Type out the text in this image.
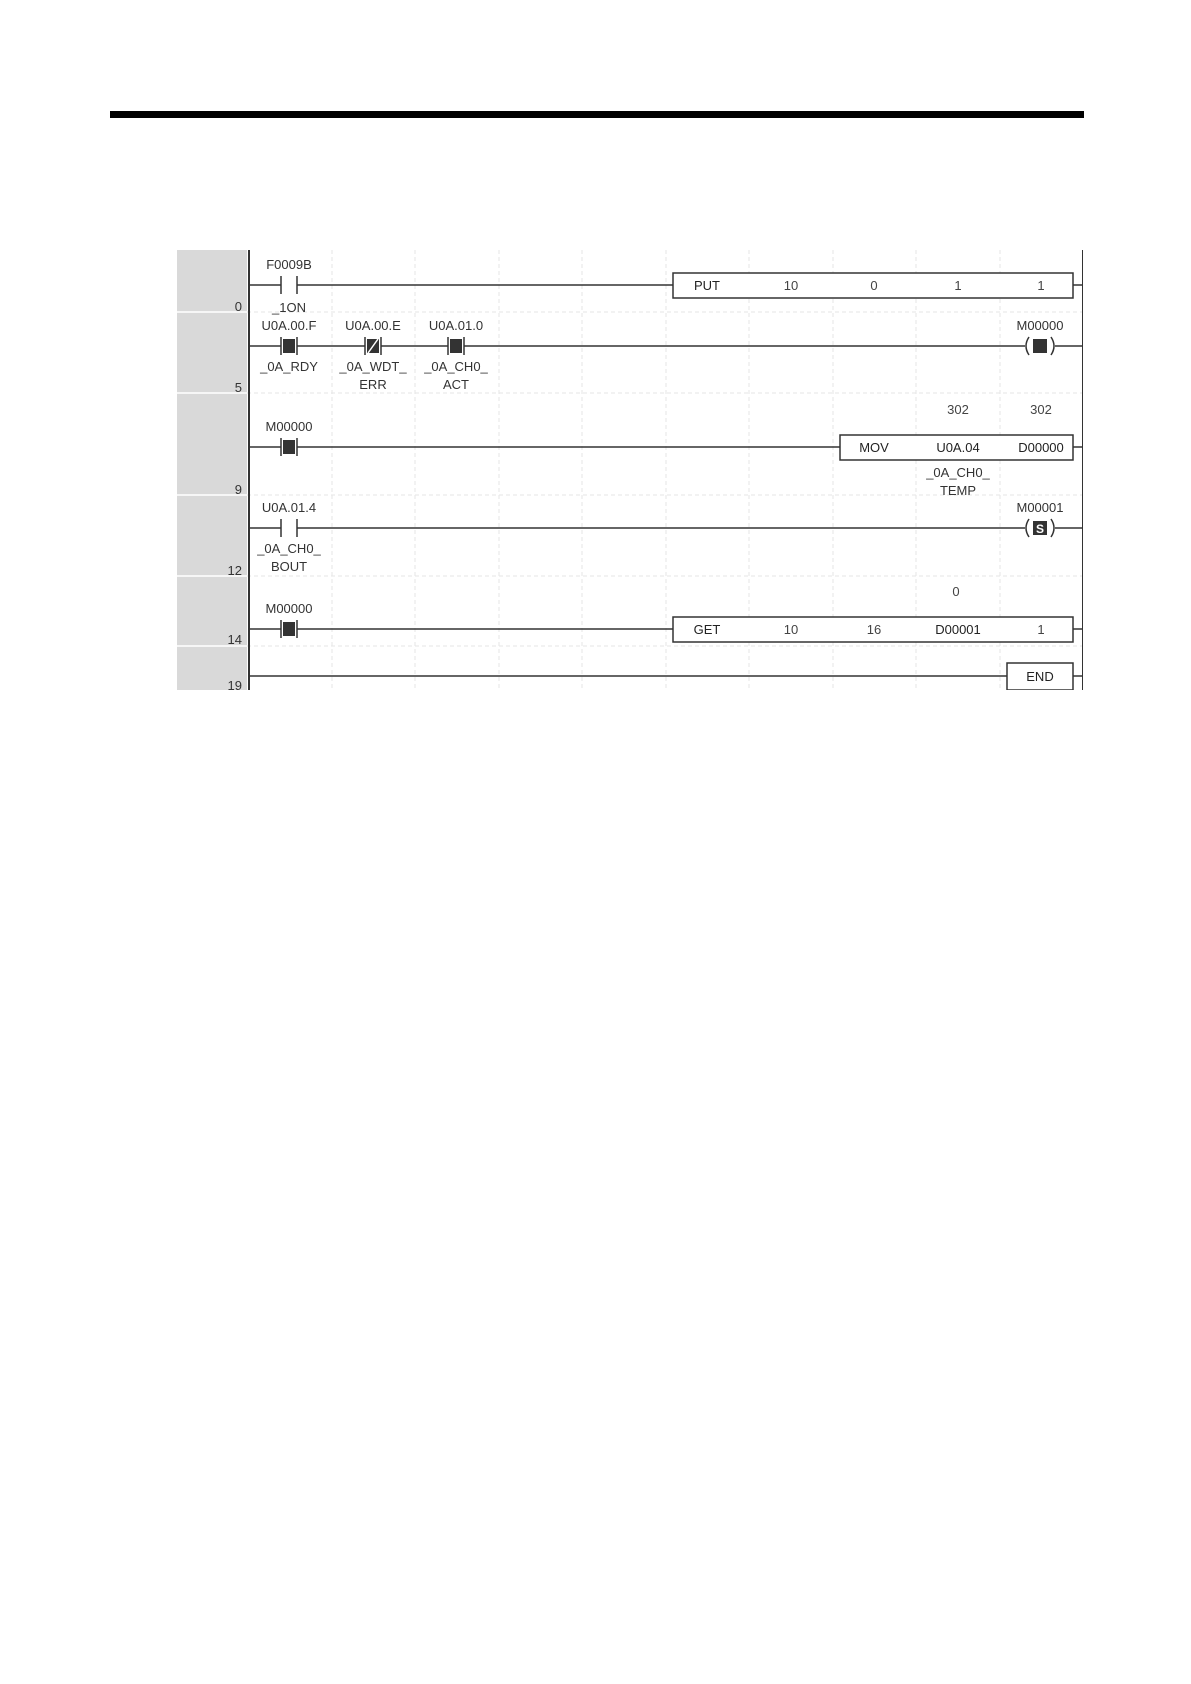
0
5
9
12
14
19
F0009B
_1ON
PUT	10	0	1	1
U0A.00.F
_0A_RDY
U0A.00.E
_0A_WDT_
ERR
U0A.01.0
_0A_CH0_
ACT
M00000
M00000
302	302
MOV	U0A.04	D00000
_0A_CH0_
TEMP
U0A.01.4
_0A_CH0_
BOUT
S
M00001
M00000
0
GET	10	16	D00001	1
END
